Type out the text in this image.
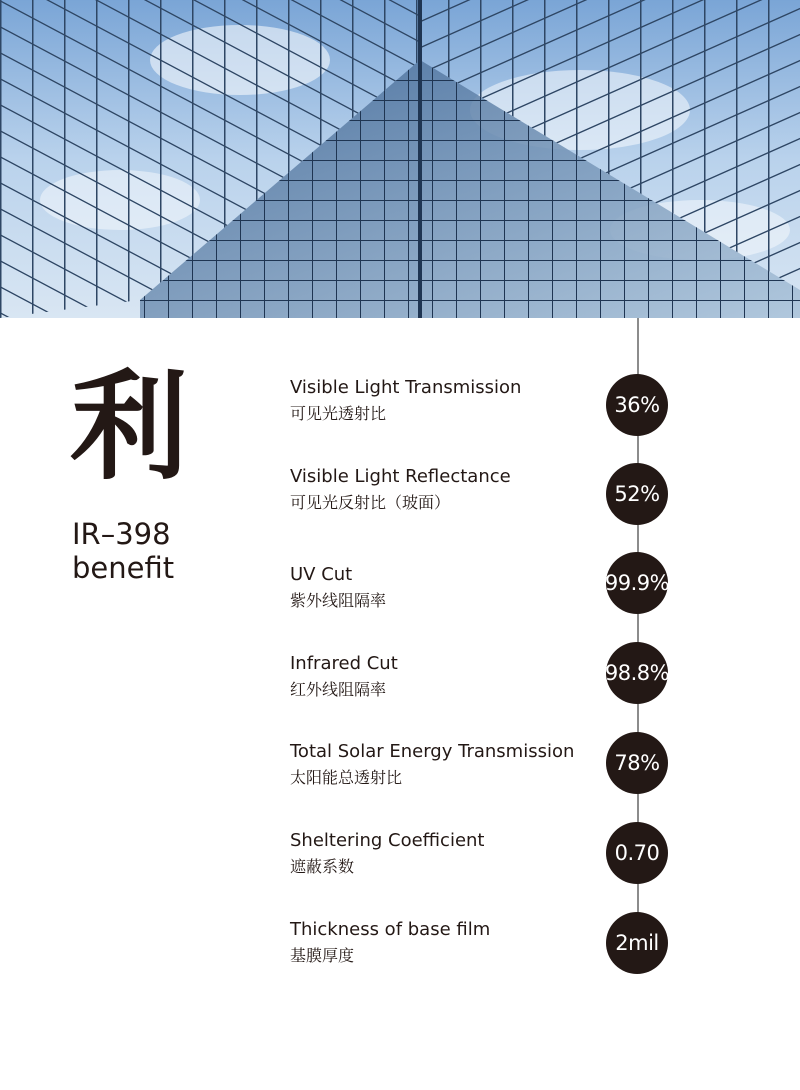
利
IR–398
benefit
Visible Light Transmission
可见光透射比	36%
Visible Light Reflectance
可见光反射比（玻面）	52%
UV Cut
紫外线阻隔率
99.9%
Infrared Cut
红外线阻隔率
98.8%
Total Solar Energy Transmission
太阳能总透射比
78%
Sheltering Coefficient
遮蔽系数
0.70
Thickness of base film
基膜厚度
2mil
